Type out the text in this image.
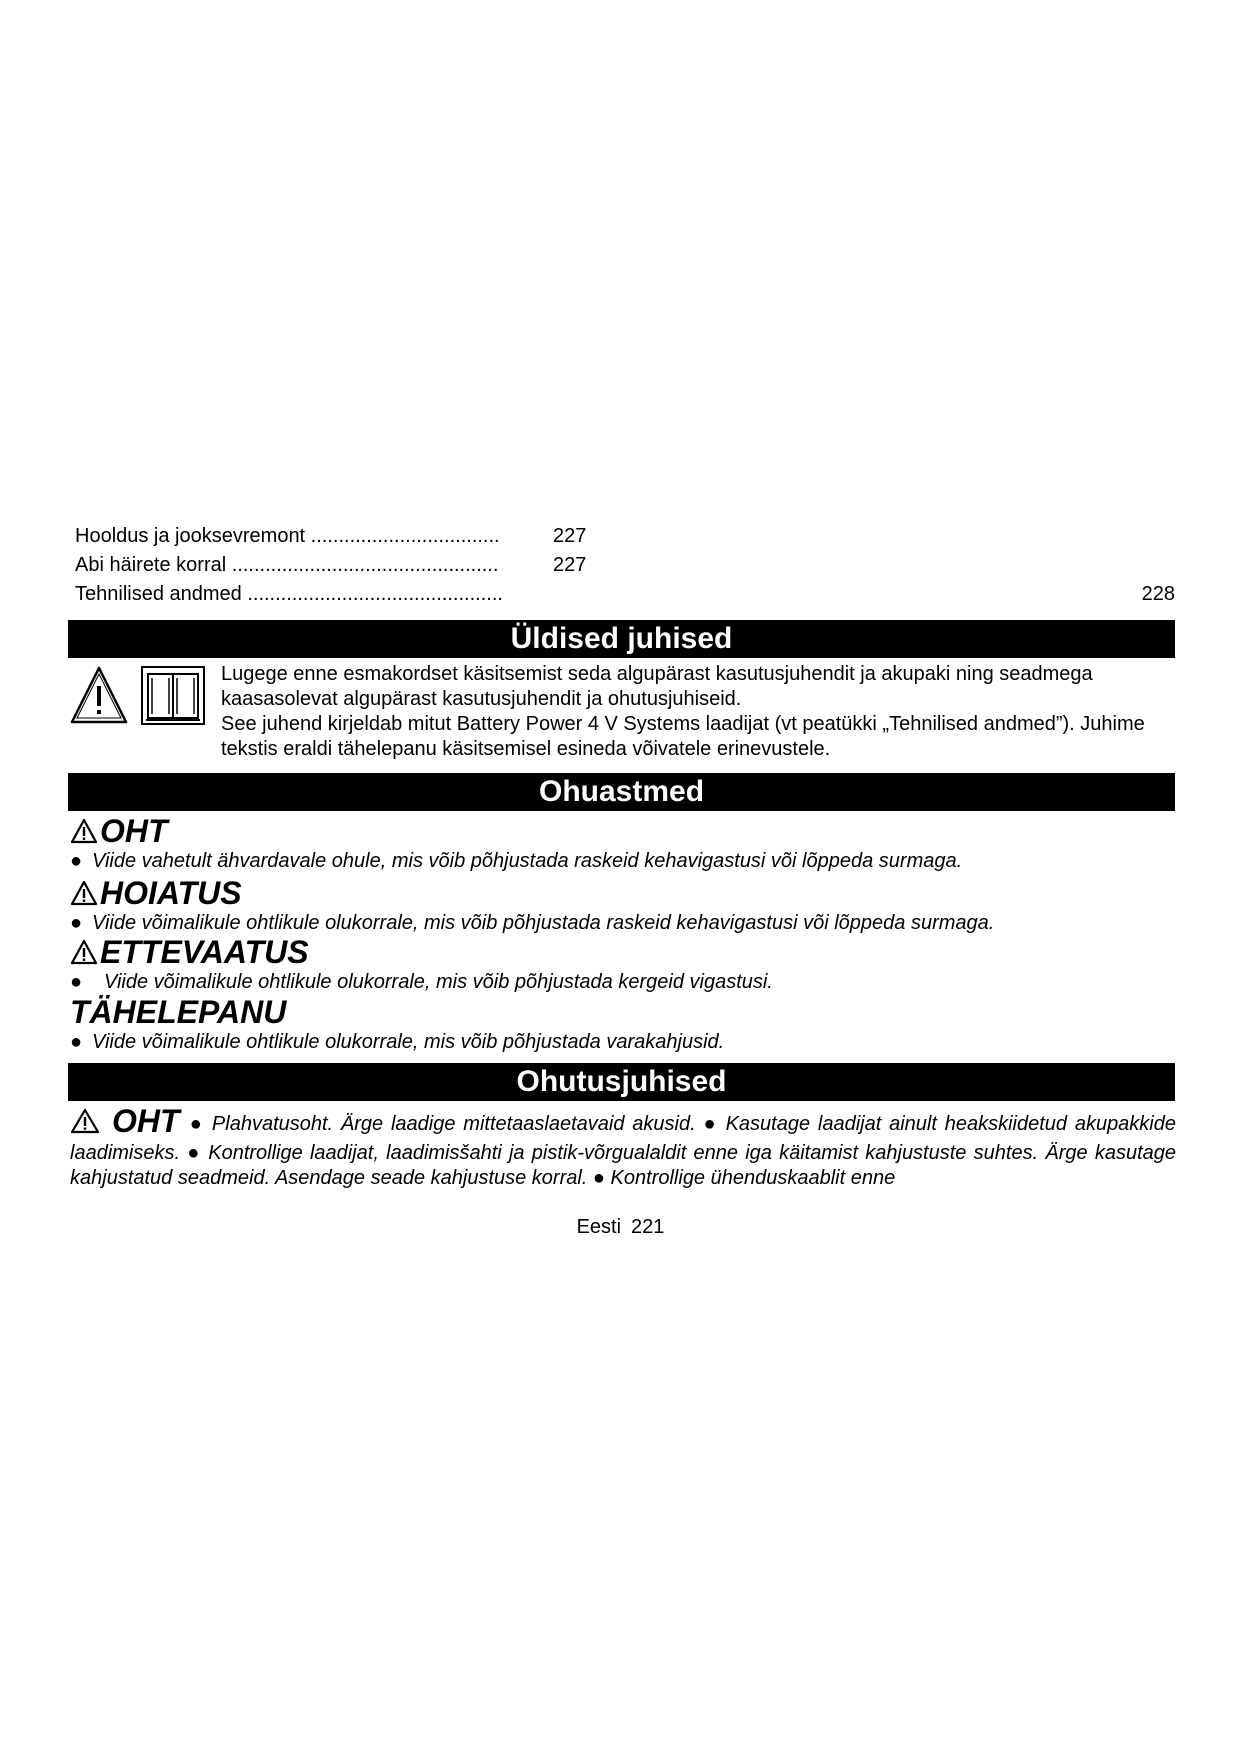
Hooldus ja jooksevremont ..................................	227
Abi häirete korral ................................................	227
Tehnilised andmed ..............................................	228
Üldised juhised

Lugege enne esmakordset käsitsemist seda algupärast kasutusjuhendit ja akupaki ning seadmega kaasasolevat algupärast kasutusjuhendit ja ohutusjuhiseid.

See juhend kirjeldab mitut Battery Power 4 V Systems laadijat (vt peatükki „Tehnilised andmed”). Juhime tekstis eraldi tähelepanu käsitsemisel esineda võivatele erinevustele.

Ohuastmed
OHT
● Viide vahetult ähvardavale ohule, mis võib põhjustada raskeid kehavigastusi või lõppeda surmaga.
HOIATUS
● Viide võimalikule ohtlikule olukorrale, mis võib põhjustada raskeid kehavigastusi või lõppeda surmaga.
ETTEVAATUS
● Viide võimalikule ohtlikule olukorrale, mis võib põhjustada kergeid vigastusi.
TÄHELEPANU
● Viide võimalikule ohtlikule olukorrale, mis võib põhjustada varakahjusid.
Ohutusjuhised
OHT ● Plahvatusoht. Ärge laadige mittetaaslaetavaid akusid. ● Kasutage laadijat ainult heakskiidetud akupakkide laadimiseks. ● Kontrollige laadijat, laadimisšahti ja pistik-võrgualaldit enne iga käitamist kahjustuste suhtes. Ärge kasutage kahjustatud seadmeid. Asendage seade kahjustuse korral. ● Kontrollige ühenduskaablit enne
Eesti 221
